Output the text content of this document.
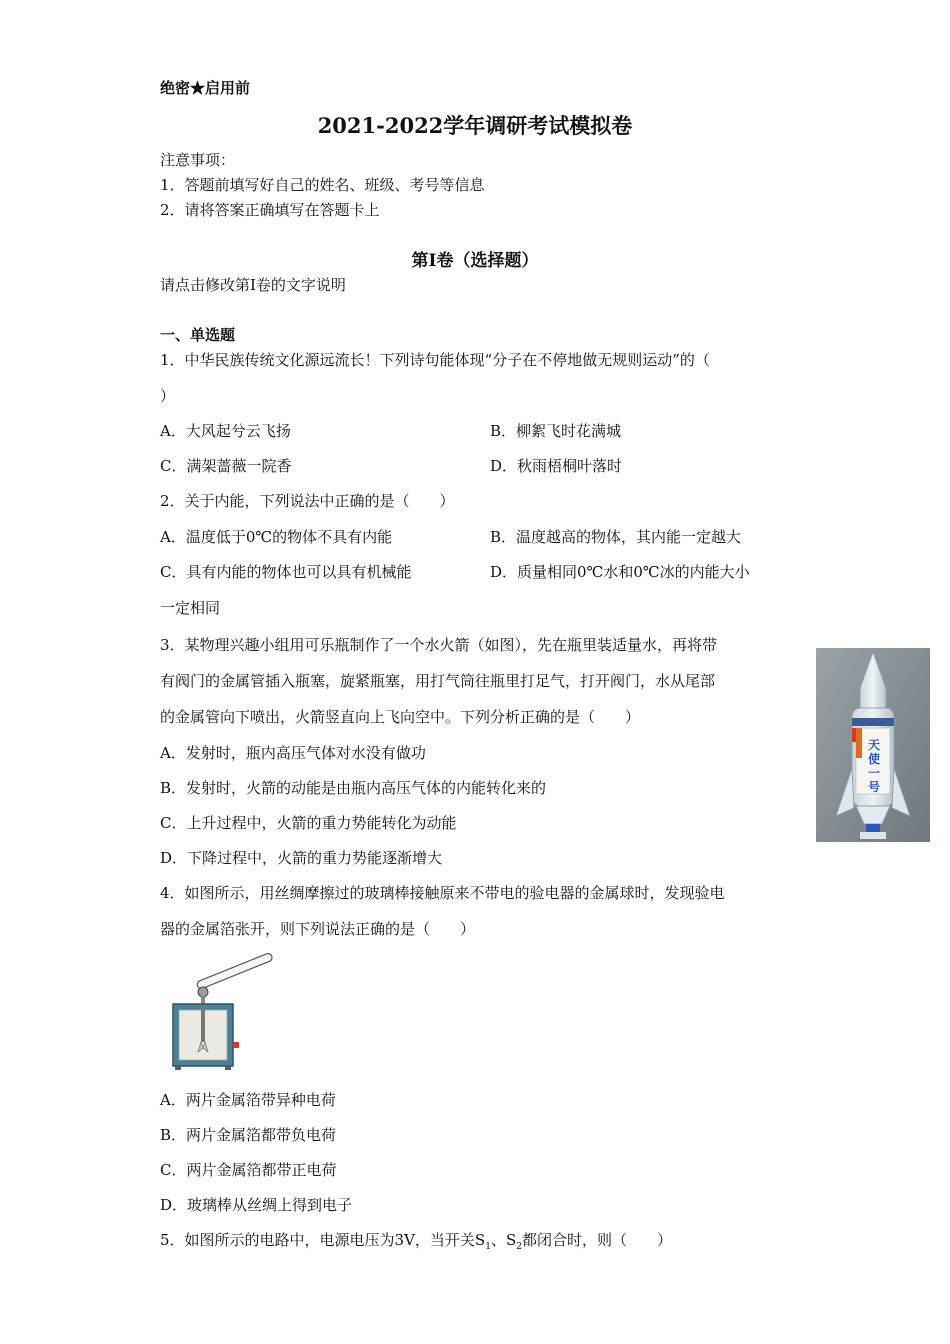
绝密★启用前
2021-2022学年调研考试模拟卷
注意事项：
1．答题前填写好自己的姓名、班级、考号等信息
2．请将答案正确填写在答题卡上
第I卷（选择题）
请点击修改第I卷的文字说明
一、单选题
1．中华民族传统文化源远流长！下列诗句能体现“分子在不停地做无规则运动”的（
）
A．大风起兮云飞扬	B．柳絮飞时花满城
C．满架蔷薇一院香	D．秋雨梧桐叶落时
2．关于内能，下列说法中正确的是（　　）
A．温度低于0℃的物体不具有内能	B．温度越高的物体，其内能一定越大
C．具有内能的物体也可以具有机械能	D．质量相同0℃水和0℃冰的内能大小
一定相同
3．某物理兴趣小组用可乐瓶制作了一个水火箭（如图），先在瓶里装适量水，再将带
有阀门的金属管插入瓶塞，旋紧瓶塞，用打气筒往瓶里打足气，打开阀门，水从尾部
的金属管向下喷出，火箭竖直向上飞向空中。下列分析正确的是（　　）
A．发射时，瓶内高压气体对水没有做功
B．发射时，火箭的动能是由瓶内高压气体的内能转化来的
C．上升过程中，火箭的重力势能转化为动能
D．下降过程中，火箭的重力势能逐渐增大
天
使
一
号
4．如图所示，用丝绸摩擦过的玻璃棒接触原来不带电的验电器的金属球时，发现验电
器的金属箔张开，则下列说法正确的是（　　）
A．两片金属箔带异种电荷
B．两片金属箔都带负电荷
C．两片金属箔都带正电荷
D．玻璃棒从丝绸上得到电子
5．如图所示的电路中，电源电压为3V，当开关$S_1$、$S_2$都闭合时，则（　　）
